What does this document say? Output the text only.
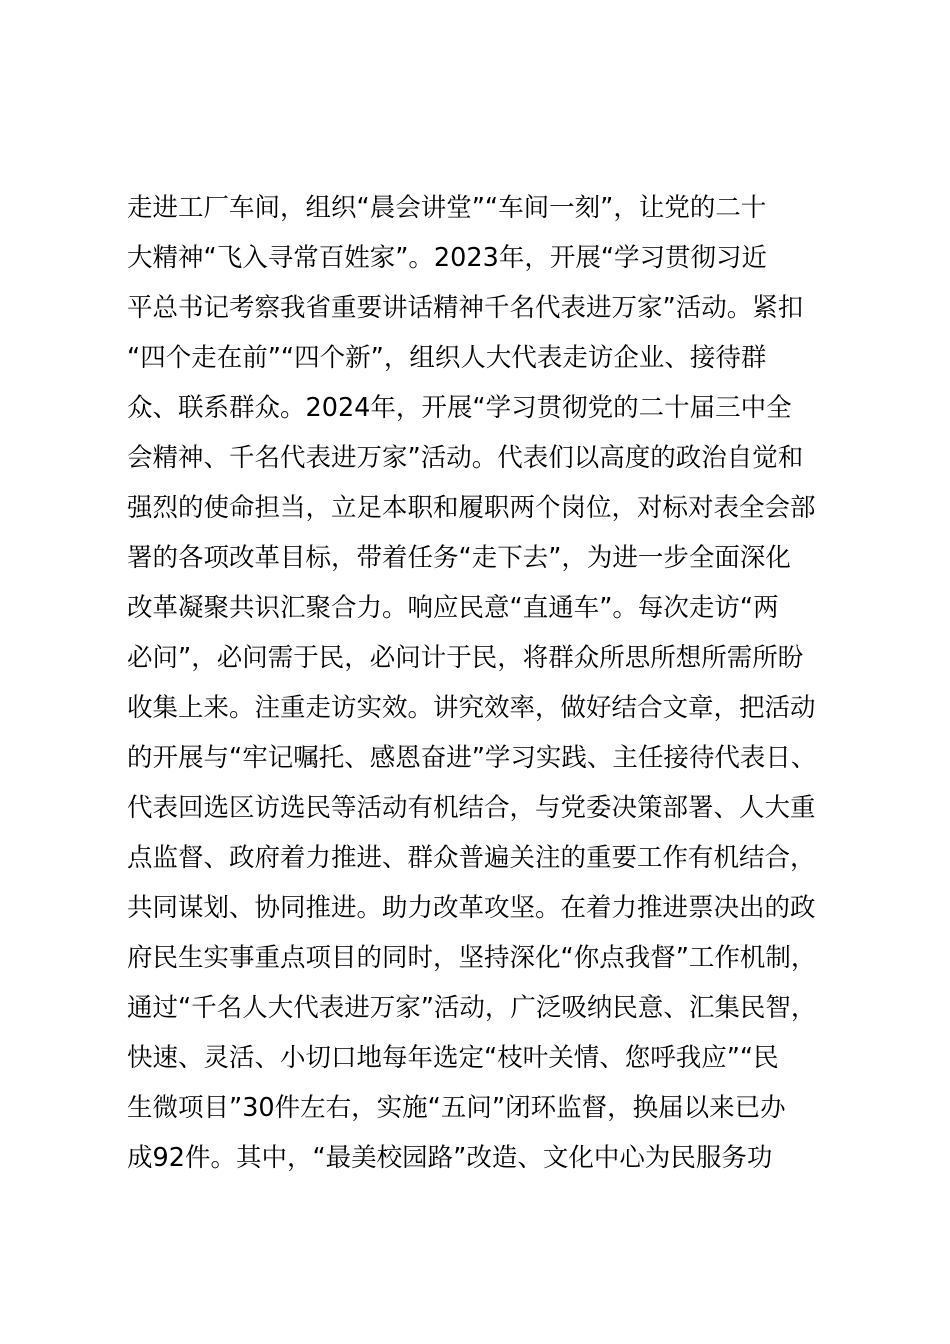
走进工厂车间，组织“晨会讲堂”“车间一刻”，让党的二十
大精神“飞入寻常百姓家”。2023年，开展“学习贯彻习近
平总书记考察我省重要讲话精神千名代表进万家”活动。紧扣
“四个走在前”“四个新”，组织人大代表走访企业、接待群
众、联系群众。2024年，开展“学习贯彻党的二十届三中全
会精神、千名代表进万家”活动。代表们以高度的政治自觉和
强烈的使命担当，立足本职和履职两个岗位，对标对表全会部
署的各项改革目标，带着任务“走下去”，为进一步全面深化
改革凝聚共识汇聚合力。响应民意“直通车”。每次走访“两
必问”，必问需于民，必问计于民，将群众所思所想所需所盼
收集上来。注重走访实效。讲究效率，做好结合文章，把活动
的开展与“牢记嘱托、感恩奋进”学习实践、主任接待代表日、
代表回选区访选民等活动有机结合，与党委决策部署、人大重
点监督、政府着力推进、群众普遍关注的重要工作有机结合，
共同谋划、协同推进。助力改革攻坚。在着力推进票决出的政
府民生实事重点项目的同时，坚持深化“你点我督”工作机制，
通过“千名人大代表进万家”活动，广泛吸纳民意、汇集民智，
快速、灵活、小切口地每年选定“枝叶关情、您呼我应”“民
生微项目”30件左右，实施“五问”闭环监督，换届以来已办
成92件。其中，“最美校园路”改造、文化中心为民服务功
